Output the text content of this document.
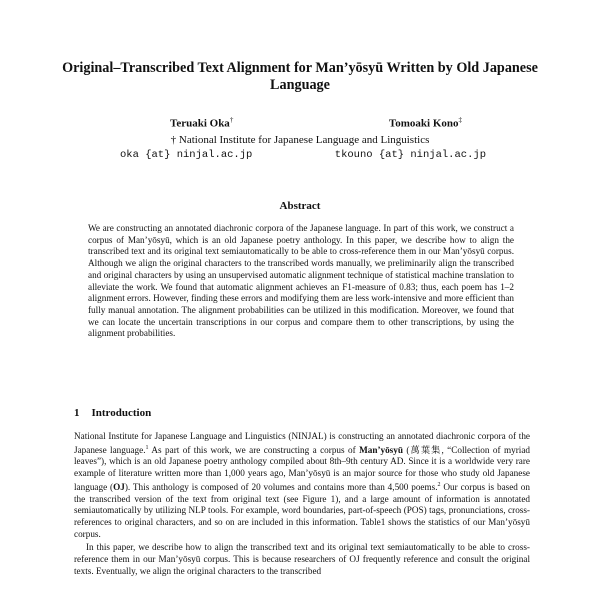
Original–Transcribed Text Alignment for Man’yōsyū Written by Old Japanese Language
Teruaki Oka†	Tomoaki Kono‡
† National Institute for Japanese Language and Linguistics
oka {at} ninjal.ac.jp	tkouno {at} ninjal.ac.jp
Abstract
We are constructing an annotated diachronic corpora of the Japanese language. In part of this work, we construct a corpus of Man’yōsyū, which is an old Japanese poetry anthology. In this paper, we describe how to align the transcribed text and its original text semiautomatically to be able to cross-reference them in our Man’yōsyū corpus. Although we align the original characters to the transcribed words manually, we preliminarily align the transcribed and original characters by using an unsupervised automatic alignment technique of statistical machine translation to alleviate the work. We found that automatic alignment achieves an F1-measure of 0.83; thus, each poem has 1–2 alignment errors. However, finding these errors and modifying them are less work-intensive and more efficient than fully manual annotation. The alignment probabilities can be utilized in this modification. Moreover, we found that we can locate the uncertain transcriptions in our corpus and compare them to other transcriptions, by using the alignment probabilities.
1 Introduction

National Institute for Japanese Language and Linguistics (NINJAL) is constructing an annotated diachronic corpora of the Japanese language.$^1$ As part of this work, we are constructing a corpus of Man’yōsyū (萬葉集, “Collection of myriad leaves”), which is an old Japanese poetry anthology compiled about 8th–9th century AD. Since it is a worldwide very rare example of literature written more than 1,000 years ago, Man’yōsyū is an major source for those who study old Japanese language (OJ). This anthology is composed of 20 volumes and contains more than 4,500 poems.$^2$ Our corpus is based on the transcribed version of the text from original text (see Figure 1), and a large amount of information is annotated semiautomatically by utilizing NLP tools. For example, word boundaries, part-of-speech (POS) tags, pronunciations, cross-references to original characters, and so on are included in this information. Table1 shows the statistics of our Man’yōsyū corpus.

In this paper, we describe how to align the transcribed text and its original text semiautomatically to be able to cross-reference them in our Man’yōsyū corpus. This is because researchers of OJ frequently reference and consult the original texts. Eventually, we align the original characters to the transcribed
